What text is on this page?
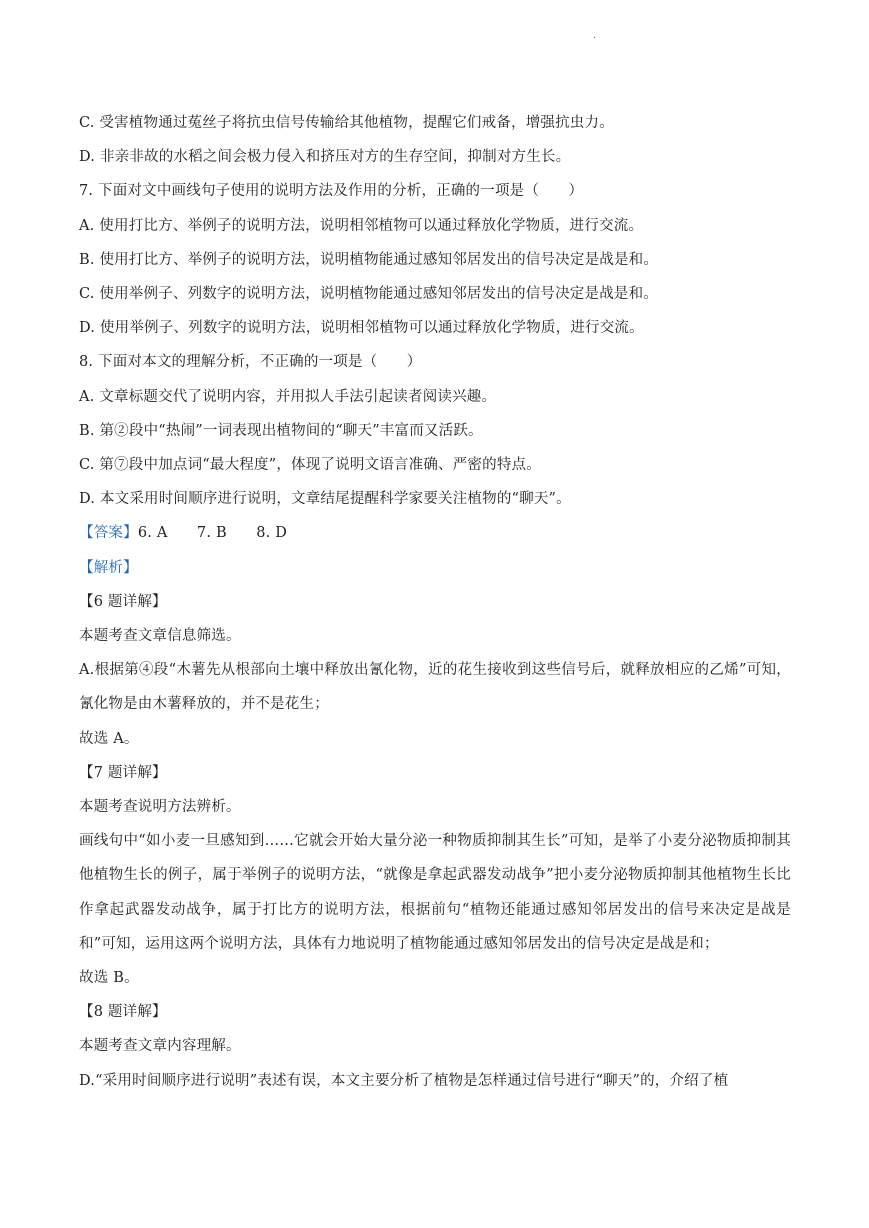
.
C. 受害植物通过菟丝子将抗虫信号传输给其他植物，提醒它们戒备，增强抗虫力。
D. 非亲非故的水稻之间会极力侵入和挤压对方的生存空间，抑制对方生长。
7. 下面对文中画线句子使用的说明方法及作用的分析，正确的一项是（　　）
A. 使用打比方、举例子的说明方法，说明相邻植物可以通过释放化学物质，进行交流。
B. 使用打比方、举例子的说明方法，说明植物能通过感知邻居发出的信号决定是战是和。
C. 使用举例子、列数字的说明方法，说明植物能通过感知邻居发出的信号决定是战是和。
D. 使用举例子、列数字的说明方法，说明相邻植物可以通过释放化学物质，进行交流。
8. 下面对本文的理解分析，不正确的一项是（　　）
A. 文章标题交代了说明内容，并用拟人手法引起读者阅读兴趣。
B. 第②段中“热闹”一词表现出植物间的“聊天”丰富而又活跃。
C. 第⑦段中加点词“最大程度”，体现了说明文语言准确、严密的特点。
D. 本文采用时间顺序进行说明，文章结尾提醒科学家要关注植物的“聊天”。
【答案】6. A　　7. B　　8. D
【解析】
【6 题详解】
本题考查文章信息筛选。
A.根据第④段“木薯先从根部向土壤中释放出氰化物，近的花生接收到这些信号后，就释放相应的乙烯”可知，氰化物是由木薯释放的，并不是花生；
故选 A。
【7 题详解】
本题考查说明方法辨析。
画线句中“如小麦一旦感知到……它就会开始大量分泌一种物质抑制其生长”可知，是举了小麦分泌物质抑制其他植物生长的例子，属于举例子的说明方法，“就像是拿起武器发动战争”把小麦分泌物质抑制其他植物生长比作拿起武器发动战争，属于打比方的说明方法，根据前句“植物还能通过感知邻居发出的信号来决定是战是和”可知，运用这两个说明方法，具体有力地说明了植物能通过感知邻居发出的信号决定是战是和；
故选 B。
【8 题详解】
本题考查文章内容理解。
D.“采用时间顺序进行说明”表述有误，本文主要分析了植物是怎样通过信号进行“聊天”的，介绍了植
